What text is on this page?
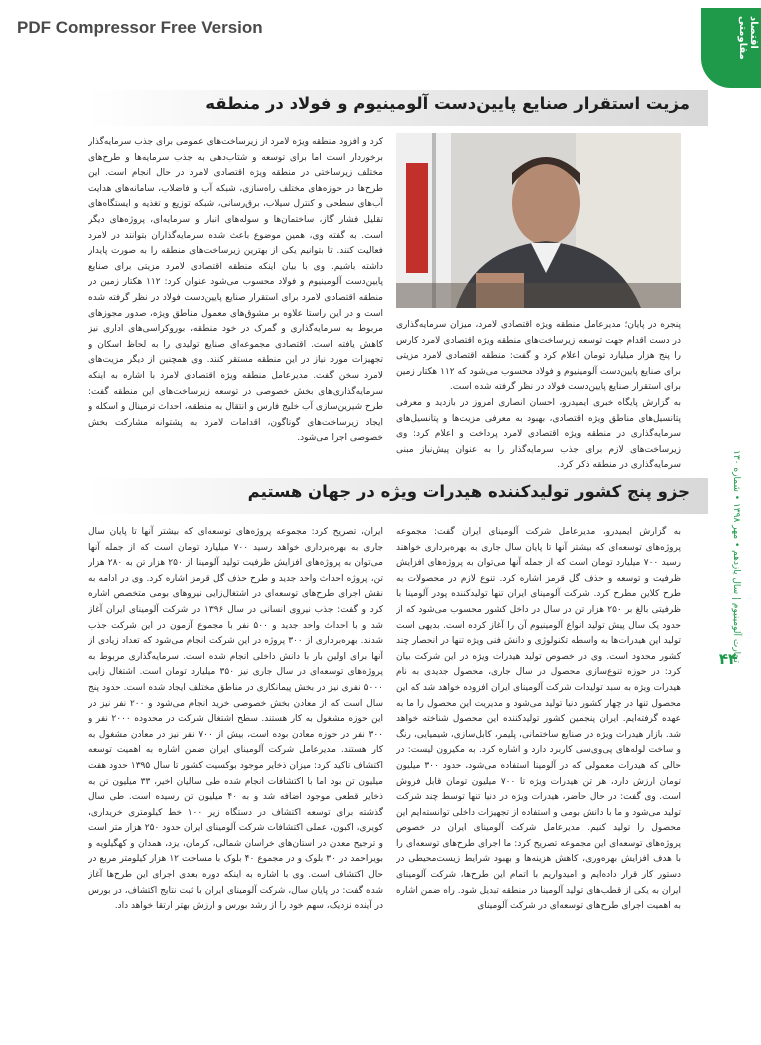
PDF Compressor Free Version	اقتصاد مقاومتی
تجارت آلومینیوم | سال یازدهم • مهر ۱۳۹۸ • شماره ۱۳۰
۴۴
مزیت استقرار صنایع پایین‌دست آلومینیوم و فولاد در منطقه

کرد و افزود منطقه ویژه لامرد از زیرساخت‌های عمومی برای جذب سرمایه‌گذار برخوردار است اما برای توسعه و شتاب‌دهی به جذب سرمایه‌ها و طرح‌های مختلف زیرساختی در منطقه ویژه اقتصادی لامرد در حال انجام است. این طرح‌ها در حوزه‌های مختلف راه‌سازی، شبکه آب و فاضلاب، سامانه‌های هدایت آب‌های سطحی و کنترل سیلاب، برق‌رسانی، شبکه توزیع و تغذیه و ایستگاه‌های تقلیل فشار گاز، ساختمان‌ها و سوله‌های انبار و سرمایه‌ای، پروژه‌های دیگر است. به گفته وی، همین موضوع باعث شده سرمایه‌گذاران بتوانند در لامرد فعالیت کنند. تا بتوانیم یکی از بهترین زیرساخت‌های منطقه را به صورت پایدار داشته باشیم. وی با بیان اینکه منطقه اقتصادی لامرد مزیتی برای صنایع پایین‌دست آلومینیوم و فولاد محسوب می‌شود عنوان کرد: ۱۱۲ هکتار زمین در منطقه اقتصادی لامرد برای استقرار صنایع پایین‌دست فولاد در نظر گرفته شده است و در این راستا علاوه بر مشوق‌های معمول مناطق ویژه، صدور مجوزهای مربوط به سرمایه‌گذاری و گمرک در خود منطقه، بوروکراسی‌های اداری نیز کاهش یافته است. اقتصادی مجموعه‌ای صنایع تولیدی را به لحاظ اسکان و تجهیزات مورد نیاز در این منطقه مستقر کنند. وی همچنین از دیگر مزیت‌های لامرد سخن گفت. مدیرعامل منطقه ویژه اقتصادی لامرد با اشاره به اینکه سرمایه‌گذاری‌های بخش خصوصی در توسعه زیرساخت‌های این منطقه گفت: طرح شیرین‌سازی آب خلیج فارس و انتقال به منطقه، احداث ترمینال و اسکله و ایجاد زیرساخت‌های گوناگون، اقدامات لامرد به پشتوانه مشارکت بخش خصوصی اجرا می‌شود.

پنجره در پایان؛ مدیرعامل منطقه ویژه اقتصادی لامرد، میزان سرمایه‌گذاری در دست اقدام جهت توسعه زیرساخت‌های منطقه ویژه اقتصادی لامرد کارس را پنج هزار میلیارد تومان اعلام کرد و گفت: منطقه اقتصادی لامرد مزیتی برای صنایع پایین‌دست آلومینیوم و فولاد محسوب می‌شود که ۱۱۲ هکتار زمین برای استقرار صنایع پایین‌دست فولاد در نظر گرفته شده است.

به گزارش پایگاه خبری ایمیدرو، احسان انصاری امروز در بازدید و معرفی پتانسیل‌های مناطق ویژه اقتصادی، بهبود به معرفی مزیت‌ها و پتانسیل‌های سرمایه‌گذاری در منطقه ویژه اقتصادی لامرد پرداخت و اعلام کرد: وی زیرساخت‌های لازم برای جذب سرمایه‌گذار را به عنوان پیش‌نیاز مبنی سرمایه‌گذاری در منطقه ذکر کرد.

جزو پنج کشور تولیدکننده هیدرات ویژه در جهان هستیم

به گزارش ایمیدرو، مدیرعامل شرکت آلومینای ایران گفت: مجموعه پروژه‌های توسعه‌ای که بیشتر آنها تا پایان سال جاری به بهره‌برداری خواهند رسید ۷۰۰ میلیارد تومان است که از جمله آنها می‌توان به پروژه‌های افزایش ظرفیت و توسعه و حذف گل قرمز اشاره کرد. تنوع لازم در محصولات به طرح کلاین مطرح کرد. شرکت آلومینای ایران تنها تولیدکننده پودر آلومینا با ظرفیتی بالغ بر ۲۵۰ هزار تن در سال در داخل کشور محسوب می‌شود که از حدود یک سال پیش تولید انواع آلومینیوم آن را آغاز کرده است. بدیهی است تولید این هیدرات‌ها به واسطه تکنولوژی و دانش فنی ویژه تنها در انحصار چند کشور محدود است. وی در خصوص تولید هیدرات ویژه در این شرکت بیان کرد: در حوزه تنوع‌سازی محصول در سال جاری، محصول جدیدی به نام هیدرات ویژه به سبد تولیدات شرکت آلومینای ایران افزوده خواهد شد که این محصول تنها در چهار کشور دنیا تولید می‌شود و مدیریت این محصول را ما به عهده گرفته‌ایم. ایران پنجمین کشور تولیدکننده این محصول شناخته خواهد شد. بازار هیدرات ویژه در صنایع ساختمانی، پلیمر، کابل‌سازی، شیمیایی، رنگ و ساخت لوله‌های پی‌وی‌سی کاربرد دارد و اشاره کرد. به مکیرون لیست: در حالی که هیدرات معمولی که در آلومینا استفاده می‌شود، حدود ۳۰۰ میلیون تومان ارزش دارد، هر تن هیدرات ویژه تا ۷۰۰ میلیون تومان قابل فروش است. وی گفت: در حال حاضر، هیدرات ویژه در دنیا تنها توسط چند شرکت تولید می‌شود و ما با دانش بومی و استفاده از تجهیزات داخلی توانسته‌ایم این محصول را تولید کنیم. مدیرعامل شرکت آلومینای ایران در خصوص پروژه‌های توسعه‌ای این مجموعه تصریح کرد: ما اجرای طرح‌های توسعه‌ای را با هدف افزایش بهره‌وری، کاهش هزینه‌ها و بهبود شرایط زیست‌محیطی در دستور کار قرار داده‌ایم و امیدواریم با اتمام این طرح‌ها، شرکت آلومینای ایران به یکی از قطب‌های تولید آلومینا در منطقه تبدیل شود. راه ضمن اشاره به اهمیت اجرای طرح‌های توسعه‌ای در شرکت آلومینای

ایران، تصریح کرد: مجموعه پروژه‌های توسعه‌ای که بیشتر آنها تا پایان سال جاری به بهره‌برداری خواهد رسید ۷۰۰ میلیارد تومان است که از جمله آنها می‌توان به پروژه‌های افزایش ظرفیت تولید آلومینا از ۲۵۰ هزار تن به ۲۸۰ هزار تن، پروژه احداث واحد جدید و طرح حذف گل قرمز اشاره کرد. وی در ادامه به نقش اجرای طرح‌های توسعه‌ای در اشتغال‌زایی نیروهای بومی متخصص اشاره کرد و گفت: جذب نیروی انسانی در سال ۱۳۹۶ در شرکت آلومینای ایران آغاز شد و با احداث واحد جدید و ۵۰۰ نفر با مجموع آزمون در این شرکت جذب شدند. بهره‌برداری از ۳۰۰ پروژه در این شرکت انجام می‌شود که تعداد زیادی از آنها برای اولین بار با دانش داخلی انجام شده است. سرمایه‌گذاری مربوط به پروژه‌های توسعه‌ای در سال جاری نیز ۳۵۰ میلیارد تومان است. اشتغال زایی ۵۰۰۰ نفری نیز در بخش پیمانکاری در مناطق مختلف ایجاد شده است. حدود پنج سال است که از معادن بخش خصوصی خرید انجام می‌شود و ۲۰۰ نفر نیز در این حوزه مشغول به کار هستند. سطح اشتغال شرکت در محدوده ۲۰۰۰ نفر و ۳۰۰ نفر در حوزه معادن بوده است، بیش از ۷۰۰ نفر نیز در معادن مشغول به کار هستند. مدیرعامل شرکت آلومینای ایران ضمن اشاره به اهمیت توسعه اکتشاف تاکید کرد: میزان ذخایر موجود بوکسیت کشور تا سال ۱۳۹۵ حدود هفت میلیون تن بود اما با اکتشافات انجام شده طی سالیان اخیر، ۳۳ میلیون تن به ذخایر قطعی موجود اضافه شد و به ۴۰ میلیون تن رسیده است. طی سال گذشته برای توسعه اکتشاف در دستگاه زیر ۱۰۰ خط کیلومتری خریداری، کویری، اکبون، عملی اکتشافات شرکت آلومینای ایران حدود ۲۵۰ هزار متر است و ترجیح معدن در استان‌های خراسان شمالی، کرمان، یزد، همدان و کهگیلویه و بویراحمد در ۳۰ بلوک و در مجموع ۴۰ بلوک با مساحت ۱۲ هزار کیلومتر مربع در حال اکتشاف است. وی با اشاره به اینکه دوره بعدی اجرای این طرح‌ها آغاز شده گفت: در پایان سال، شرکت آلومینای ایران با ثبت نتایج اکتشاف، در بورس در آینده نزدیک، سهم خود را از رشد بورس و ارزش بهتر ارتقا خواهد داد.
